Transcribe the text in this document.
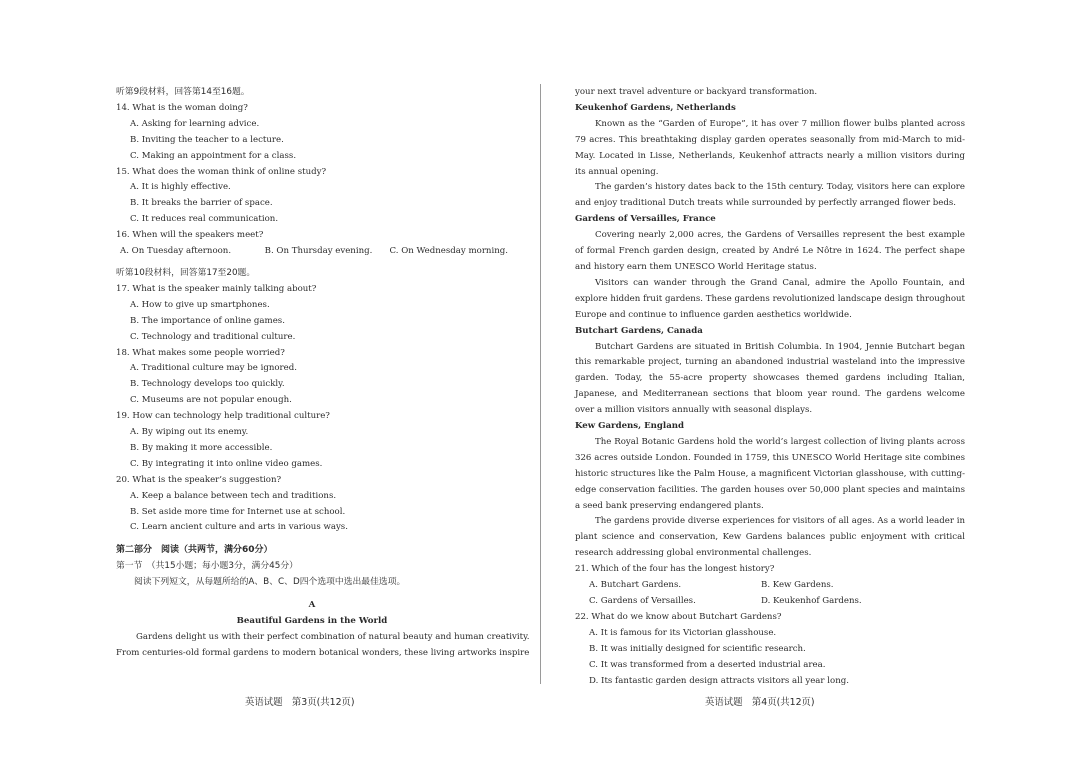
听第9段材料，回答第14至16题。
14. What is the woman doing?
A. Asking for learning advice.
B. Inviting the teacher to a lecture.
C. Making an appointment for a class.
15. What does the woman think of online study?
A. It is highly effective.
B. It breaks the barrier of space.
C. It reduces real communication.
16. When will the speakers meet?
A. On Tuesday afternoon.	B. On Thursday evening.	C. On Wednesday morning.
听第10段材料，回答第17至20题。
17. What is the speaker mainly talking about?
A. How to give up smartphones.
B. The importance of online games.
C. Technology and traditional culture.
18. What makes some people worried?
A. Traditional culture may be ignored.
B. Technology develops too quickly.
C. Museums are not popular enough.
19. How can technology help traditional culture?
A. By wiping out its enemy.
B. By making it more accessible.
C. By integrating it into online video games.
20. What is the speaker’s suggestion?
A. Keep a balance between tech and traditions.
B. Set aside more time for Internet use at school.
C. Learn ancient culture and arts in various ways.
第二部分　阅读（共两节，满分60分）
第一节　（共15小题；每小题3分，满分45分）
阅读下列短文，从每题所给的A、B、C、D四个选项中选出最佳选项。
A
Beautiful Gardens in the World
Gardens delight us with their perfect combination of natural beauty and human creativity.
From centuries-old formal gardens to modern botanical wonders, these living artworks inspire
your next travel adventure or backyard transformation.
Keukenhof Gardens, Netherlands
Known as the “Garden of Europe”, it has over 7 million flower bulbs planted across 79 acres. This breathtaking display garden operates seasonally from mid-March to mid-May. Located in Lisse, Netherlands, Keukenhof attracts nearly a million visitors during its annual opening.
The garden’s history dates back to the 15th century. Today, visitors here can explore and enjoy traditional Dutch treats while surrounded by perfectly arranged flower beds.
Gardens of Versailles, France
Covering nearly 2,000 acres, the Gardens of Versailles represent the best example of formal French garden design, created by André Le Nôtre in 1624. The perfect shape and history earn them UNESCO World Heritage status.
Visitors can wander through the Grand Canal, admire the Apollo Fountain, and explore hidden fruit gardens. These gardens revolutionized landscape design throughout Europe and continue to influence garden aesthetics worldwide.
Butchart Gardens, Canada
Butchart Gardens are situated in British Columbia. In 1904, Jennie Butchart began this remarkable project, turning an abandoned industrial wasteland into the impressive garden. Today, the 55-acre property showcases themed gardens including Italian, Japanese, and Mediterranean sections that bloom year round. The gardens welcome over a million visitors annually with seasonal displays.
Kew Gardens, England
The Royal Botanic Gardens hold the world’s largest collection of living plants across 326 acres outside London. Founded in 1759, this UNESCO World Heritage site combines historic structures like the Palm House, a magnificent Victorian glasshouse, with cutting-edge conservation facilities. The garden houses over 50,000 plant species and maintains a seed bank preserving endangered plants.
The gardens provide diverse experiences for visitors of all ages. As a world leader in plant science and conservation, Kew Gardens balances public enjoyment with critical research addressing global environmental challenges.
21. Which of the four has the longest history?
A. Butchart Gardens.	B. Kew Gardens.
C. Gardens of Versailles.	D. Keukenhof Gardens.
22. What do we know about Butchart Gardens?
A. It is famous for its Victorian glasshouse.
B. It was initially designed for scientific research.
C. It was transformed from a deserted industrial area.
D. Its fantastic garden design attracts visitors all year long.
英语试题　第3页(共12页)	英语试题　第4页(共12页)
